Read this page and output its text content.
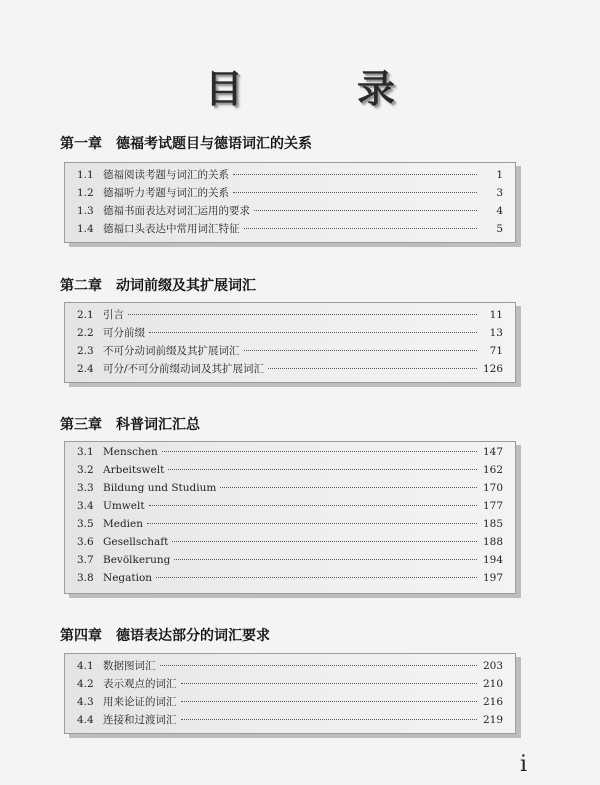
目　录
第一章 德福考试题目与德语词汇的关系
1.1 德福阅读考题与词汇的关系	1
1.2 德福听力考题与词汇的关系	3
1.3 德福书面表达对词汇运用的要求	4
1.4 德福口头表达中常用词汇特征	5
第二章 动词前缀及其扩展词汇
2.1 引言	11
2.2 可分前缀	13
2.3 不可分动词前缀及其扩展词汇	71
2.4 可分/不可分前缀动词及其扩展词汇	126
第三章 科普词汇汇总
3.1 Menschen	147
3.2 Arbeitswelt	162
3.3 Bildung und Studium	170
3.4 Umwelt	177
3.5 Medien	185
3.6 Gesellschaft	188
3.7 Bevölkerung	194
3.8 Negation	197
第四章 德语表达部分的词汇要求
4.1 数据图词汇	203
4.2 表示观点的词汇	210
4.3 用来论证的词汇	216
4.4 连接和过渡词汇	219
i
